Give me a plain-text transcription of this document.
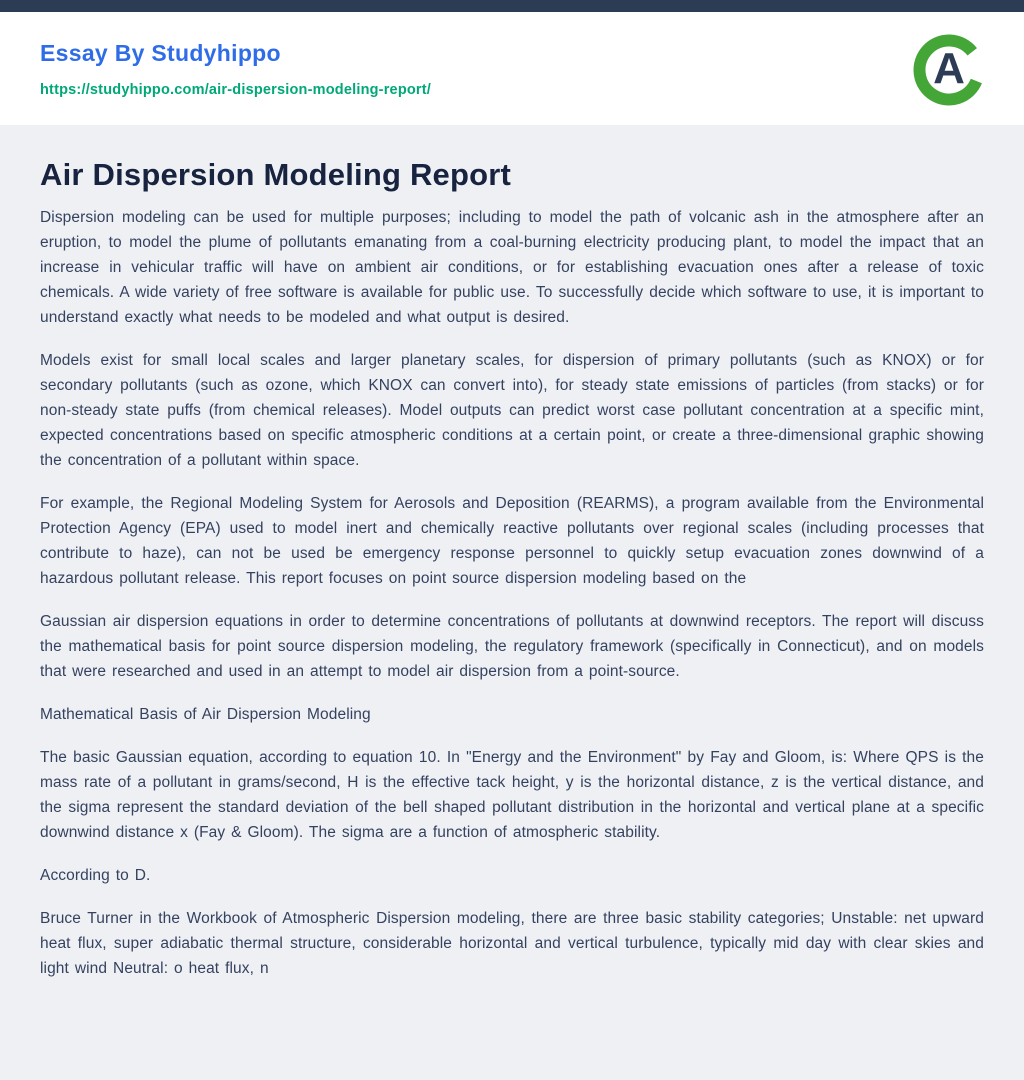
Essay By Studyhippo
https://studyhippo.com/air-dispersion-modeling-report/	A
Air Dispersion Modeling Report

Dispersion modeling can be used for multiple purposes; including to model the path of volcanic ash in the atmosphere after an eruption, to model the plume of pollutants emanating from a coal-burning electricity producing plant, to model the impact that an increase in vehicular traffic will have on ambient air conditions, or for establishing evacuation ones after a release of toxic chemicals. A wide variety of free software is available for public use. To successfully decide which software to use, it is important to understand exactly what needs to be modeled and what output is desired.

Models exist for small local scales and larger planetary scales, for dispersion of primary pollutants (such as KNOX) or for secondary pollutants (such as ozone, which KNOX can convert into), for steady state emissions of particles (from stacks) or for non-steady state puffs (from chemical releases). Model outputs can predict worst case pollutant concentration at a specific mint, expected concentrations based on specific atmospheric conditions at a certain point, or create a three-dimensional graphic showing the concentration of a pollutant within space.

For example, the Regional Modeling System for Aerosols and Deposition (REARMS), a program available from the Environmental Protection Agency (EPA) used to model inert and chemically reactive pollutants over regional scales (including processes that contribute to haze), can not be used be emergency response personnel to quickly setup evacuation zones downwind of a hazardous pollutant release. This report focuses on point source dispersion modeling based on the

Gaussian air dispersion equations in order to determine concentrations of pollutants at downwind receptors. The report will discuss the mathematical basis for point source dispersion modeling, the regulatory framework (specifically in Connecticut), and on models that were researched and used in an attempt to model air dispersion from a point-source.

Mathematical Basis of Air Dispersion Modeling

The basic Gaussian equation, according to equation 10. In "Energy and the Environment" by Fay and Gloom, is: Where QPS is the mass rate of a pollutant in grams/second, H is the effective tack height, y is the horizontal distance, z is the vertical distance, and the sigma represent the standard deviation of the bell shaped pollutant distribution in the horizontal and vertical plane at a specific downwind distance x (Fay & Gloom). The sigma are a function of atmospheric stability.

According to D.

Bruce Turner in the Workbook of Atmospheric Dispersion modeling, there are three basic stability categories; Unstable: net upward heat flux, super adiabatic thermal structure, considerable horizontal and vertical turbulence, typically mid day with clear skies and light wind Neutral: o heat flux, n
